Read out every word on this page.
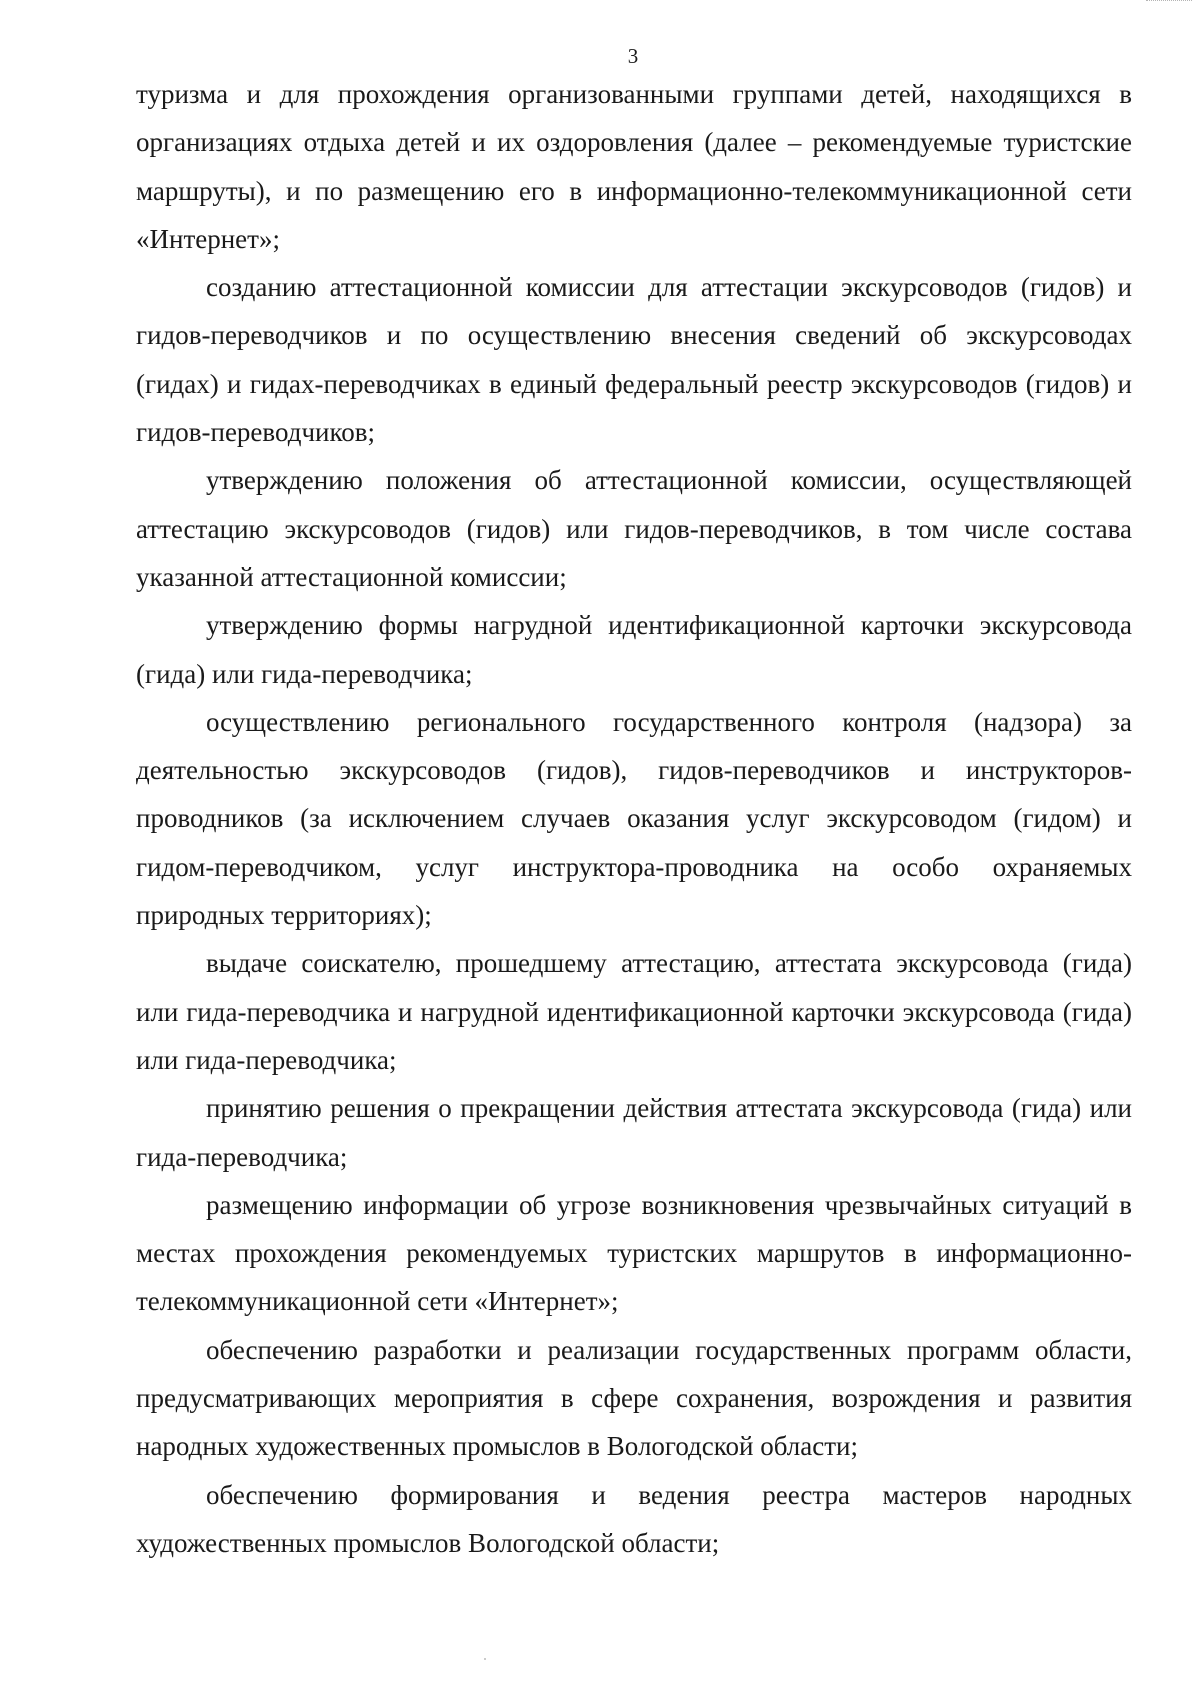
3

туризма и для прохождения организованными группами детей, находящихся в организациях отдыха детей и их оздоровления (далее – рекомендуемые туристские маршруты), и по размещению его в информационно-телекоммуникационной сети «Интернет»;

созданию аттестационной комиссии для аттестации экскурсоводов (гидов) и гидов-переводчиков и по осуществлению внесения сведений об экскурсоводах (гидах) и гидах-переводчиках в единый федеральный реестр экскурсоводов (гидов) и гидов-переводчиков;

утверждению положения об аттестационной комиссии, осуществляющей аттестацию экскурсоводов (гидов) или гидов-переводчиков, в том числе состава указанной аттестационной комиссии;

утверждению формы нагрудной идентификационной карточки экскурсовода (гида) или гида-переводчика;

осуществлению регионального государственного контроля (надзора) за деятельностью экскурсоводов (гидов), гидов-переводчиков и инструкторов-проводников (за исключением случаев оказания услуг экскурсоводом (гидом) и гидом-переводчиком, услуг инструктора-проводника на особо охраняемых природных территориях);

выдаче соискателю, прошедшему аттестацию, аттестата экскурсовода (гида) или гида-переводчика и нагрудной идентификационной карточки экскурсовода (гида) или гида-переводчика;

принятию решения о прекращении действия аттестата экскурсовода (гида) или гида-переводчика;

размещению информации об угрозе возникновения чрезвычайных ситуаций в местах прохождения рекомендуемых туристских маршрутов в информационно-телекоммуникационной сети «Интернет»;

обеспечению разработки и реализации государственных программ области, предусматривающих мероприятия в сфере сохранения, возрождения и развития народных художественных промыслов в Вологодской области;

обеспечению формирования и ведения реестра мастеров народных художественных промыслов Вологодской области;
